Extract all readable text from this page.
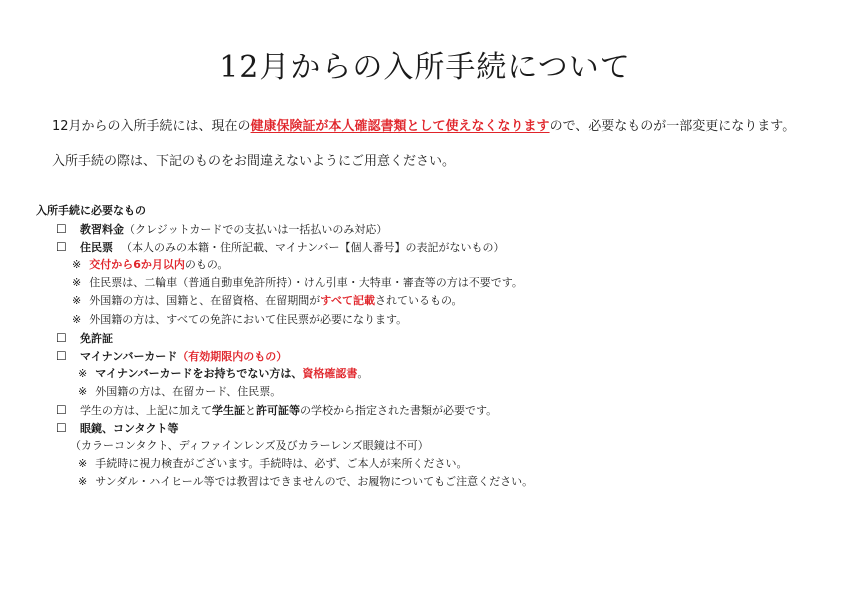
12月からの入所手続について
12月からの入所手続には、現在の健康保険証が本人確認書類として使えなくなりますので、必要なものが一部変更になります。
入所手続の際は、下記のものをお間違えないようにご用意ください。
入所手続に必要なもの
☐ 教習料金（クレジットカードでの支払いは一括払いのみ対応）
☐ 住民票 （本人のみの本籍・住所記載、マイナンバー【個人番号】の表記がないもの）
※ 交付から6か月以内のもの。
※ 住民票は、二輪車（普通自動車免許所持）・けん引車・大特車・審査等の方は不要です。
※ 外国籍の方は、国籍と、在留資格、在留期間がすべて記載されているもの。
※ 外国籍の方は、すべての免許において住民票が必要になります。
☐ 免許証
☐ マイナンバーカード（有効期限内のもの）
※ マイナンバーカードをお持ちでない方は、資格確認書。
※ 外国籍の方は、在留カード、住民票。
☐ 学生の方は、上記に加えて学生証と許可証等の学校から指定された書類が必要です。
☐ 眼鏡、コンタクト等
（カラーコンタクト、ディファインレンズ及びカラーレンズ眼鏡は不可）
※ 手続時に視力検査がございます。手続時は、必ず、ご本人が来所ください。
※ サンダル・ハイヒール等では教習はできませんので、お履物についてもご注意ください。
